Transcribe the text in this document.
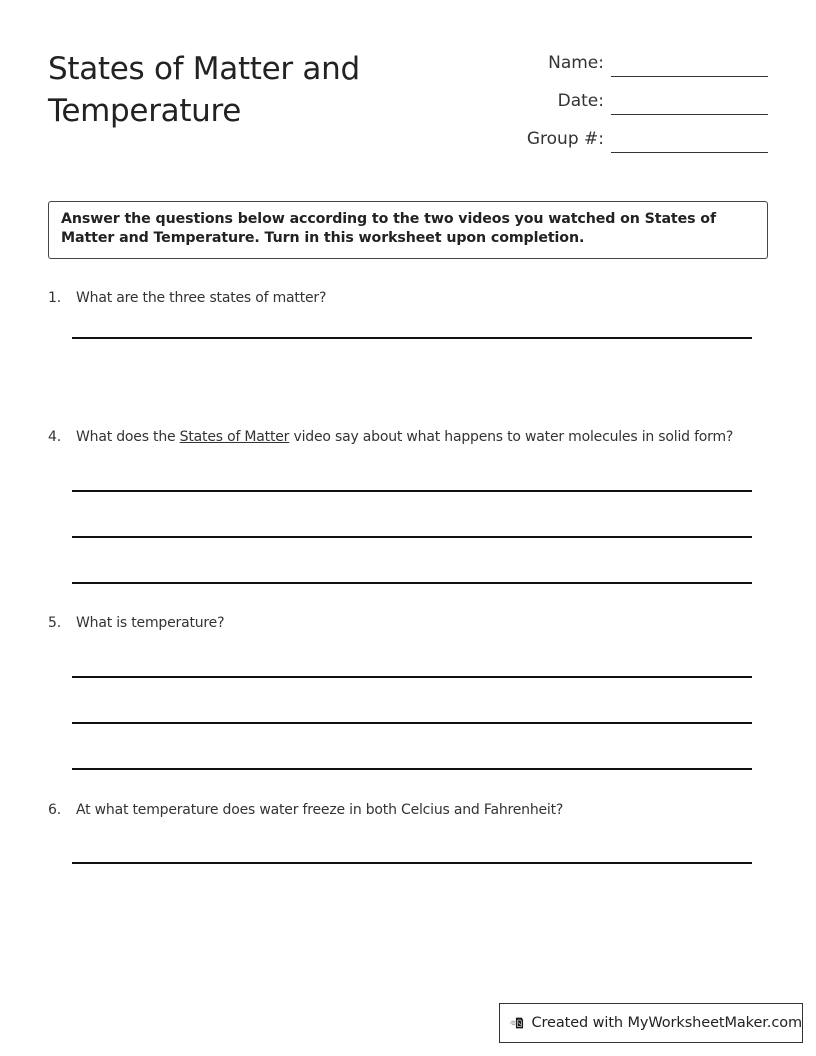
States of Matter and
Temperature
Name:
Date:
Group #:
Answer the questions below according to the two videos you watched on States of Matter and Temperature. Turn in this worksheet upon completion.
1. What are the three states of matter?
4. What does the States of Matter video say about what happens to water molecules in solid form?
5. What is temperature?
6. At what temperature does water freeze in both Celcius and Fahrenheit?
Created with MyWorksheetMaker.com
